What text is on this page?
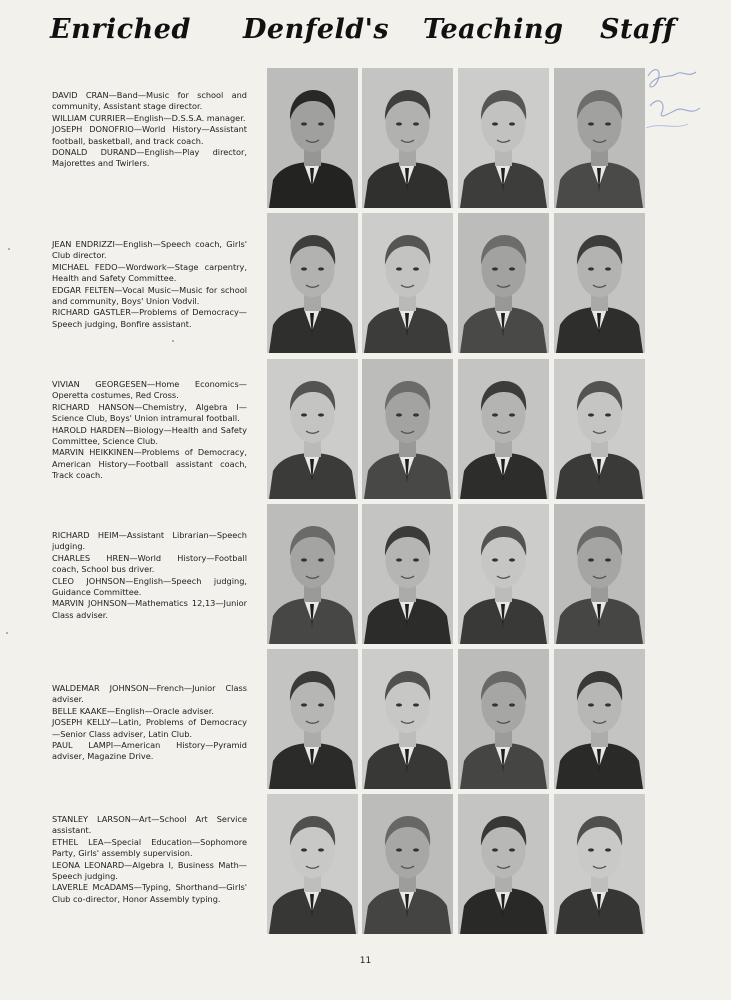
Enriched Denfeld's Teaching Staff

DAVID CRAN—Band—Music for school and community, Assistant stage director.

WILLIAM CURRIER—English—D.S.S.A. manager.

JOSEPH DONOFRIO—World History—Assistant football, basketball, and track coach.

DONALD DURAND—English—Play director, Majorettes and Twirlers.

JEAN ENDRIZZI—English—Speech coach, Girls' Club director.

MICHAEL FEDO—Wordwork—Stage carpentry, Health and Safety Committee.

EDGAR FELTEN—Vocal Music—Music for school and community, Boys' Union Vodvil.

RICHARD GASTLER—Problems of Democracy—Speech judging, Bonfire assistant.

VIVIAN GEORGESEN—Home Economics—Operetta costumes, Red Cross.

RICHARD HANSON—Chemistry, Algebra I—Science Club, Boys' Union intramural football.

HAROLD HARDEN—Biology—Health and Safety Committee, Science Club.

MARVIN HEIKKINEN—Problems of Democracy, American History—Football assistant coach, Track coach.

RICHARD HEIM—Assistant Librarian—Speech judging.

CHARLES HREN—World History—Football coach, School bus driver.

CLEO JOHNSON—English—Speech judging, Guidance Committee.

MARVIN JOHNSON—Mathematics 12,13—Junior Class adviser.

WALDEMAR JOHNSON—French—Junior Class adviser.

BELLE KAAKE—English—Oracle adviser.

JOSEPH KELLY—Latin, Problems of Democracy—Senior Class adviser, Latin Club.

PAUL LAMPI—American History—Pyramid adviser, Magazine Drive.

STANLEY LARSON—Art—School Art Service assistant.

ETHEL LEA—Special Education—Sophomore Party, Girls' assembly supervision.

LEONA LEONARD—Algebra I, Business Math—Speech judging.

LAVERLE McADAMS—Typing, Shorthand—Girls' Club co-director, Honor Assembly typing.

11
